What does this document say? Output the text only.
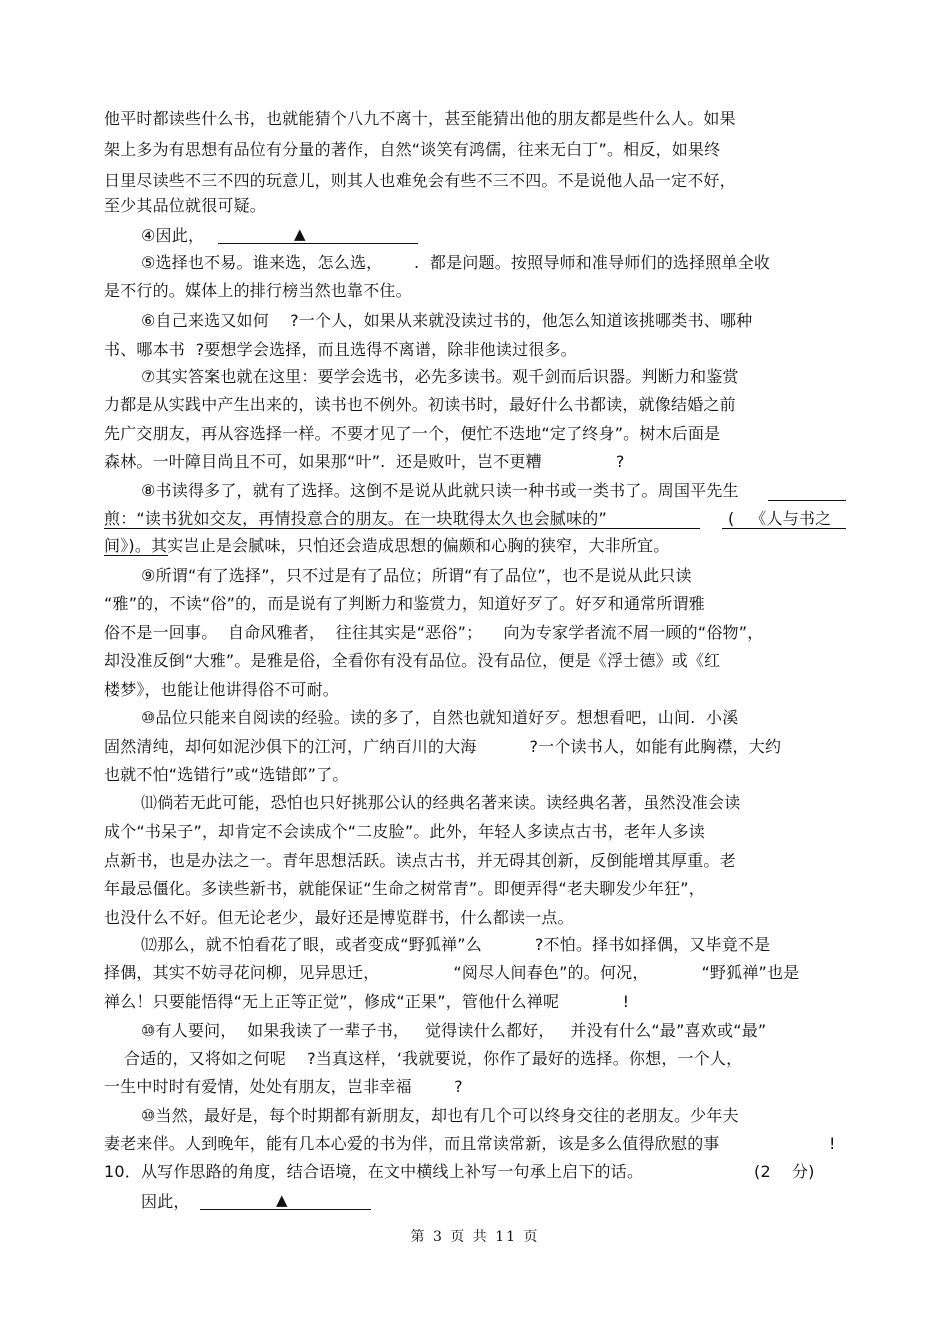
他平时都读些什么书，也就能猜个八九不离十，甚至能猜出他的朋友都是些什么人。如果
架上多为有思想有品位有分量的著作，自然“谈笑有鸿儒，往来无白丁”。相反，如果终
日里尽读些不三不四的玩意儿，则其人也难免会有些不三不四。不是说他人品一定不好，
至少其品位就很可疑。
④因此，	▲
⑤选择也不易。谁来选，怎么选，      .  都是问题。按照导师和准导师们的选择照单全收
是不行的。媒体上的排行榜当然也靠不住。
⑥自己来选又如何    ?一个人，如果从来就没读过书的，他怎么知道该挑哪类书、哪种
书、哪本书  ?要想学会选择，而且选得不离谱，除非他读过很多。
⑦其实答案也就在这里：要学会选书，必先多读书。观千剑而后识器。判断力和鉴赏
力都是从实践中产生出来的，读书也不例外。初读书时，最好什么书都读，就像结婚之前
先广交朋友，再从容选择一样。不要才见了一个，便忙不迭地“定了终身”。树木后面是
森林。一叶障目尚且不可，如果那“叶”.  还是败叶，岂不更糟              ?
⑧书读得多了，就有了选择。这倒不是说从此就只读一种书或一类书了。周国平先生
煎：“读书犹如交友，再情投意合的朋友。在一块耽得太久也会腻味的”	(   《人与书之
间》)。其实岂止是会腻味，只怕还会造成思想的偏颇和心胸的狭窄，大非所宜。
⑨所谓“有了选择”，只不过是有了品位；所谓“有了品位”，也不是说从此只读
“雅”的，不读“俗”的，而是说有了判断力和鉴赏力，知道好歹了。好歹和通常所谓雅
俗不是一回事。  自命风雅者，  往往其实是“恶俗”；    向为专家学者流不屑一顾的“俗物”，
却没准反倒“大雅”。是雅是俗，全看你有没有品位。没有品位，便是《浮士德》或《红
楼梦》，也能让他讲得俗不可耐。
⑩品位只能来自阅读的经验。读的多了，自然也就知道好歹。想想看吧，山间.  小溪
固然清纯，却何如泥沙俱下的江河，广纳百川的大海          ?一个读书人，如能有此胸襟，大约
也就不怕“选错行”或“选错郎”了。
⑾倘若无此可能，恐怕也只好挑那公认的经典名著来读。读经典名著，虽然没准会读
成个“书呆子”，却肯定不会读成个“二皮脸”。此外，年轻人多读点古书，老年人多读
点新书，也是办法之一。青年思想活跃。读点古书，并无碍其创新，反倒能增其厚重。老
年最忌僵化。多读些新书，就能保证“生命之树常青”。即便弄得“老夫聊发少年狂”，
也没什么不好。但无论老少，最好还是博览群书，什么都读一点。
⑿那么，就不怕看花了眼，或者变成“野狐禅”么          ?不怕。择书如择偶，又毕竟不是
择偶，其实不妨寻花问柳，见异思迁，              “阅尽人间春色”的。何况，          “野狐禅”也是
禅么！只要能悟得“无上正等正觉”，修成“正果”，管他什么禅呢            !
⑩有人要问，  如果我读了一辈子书，   觉得读什么都好，   并没有什么“最”喜欢或“最”
合适的，又将如之何呢    ?当真这样，‘我就要说，你作了最好的选择。你想，一个人，
一生中时时有爱情，处处有朋友，岂非幸福        ?
⑩当然，最好是，每个时期都有新朋友，却也有几个可以终身交往的老朋友。少年夫
妻老来伴。人到晚年，能有几本心爱的书为伴，而且常读常新，该是多么值得欣慰的事	!
10．从写作思路的角度，结合语境，在文中横线上补写一句承上启下的话。	(2    分)
因此，	▲
第 3 页 共 11 页
